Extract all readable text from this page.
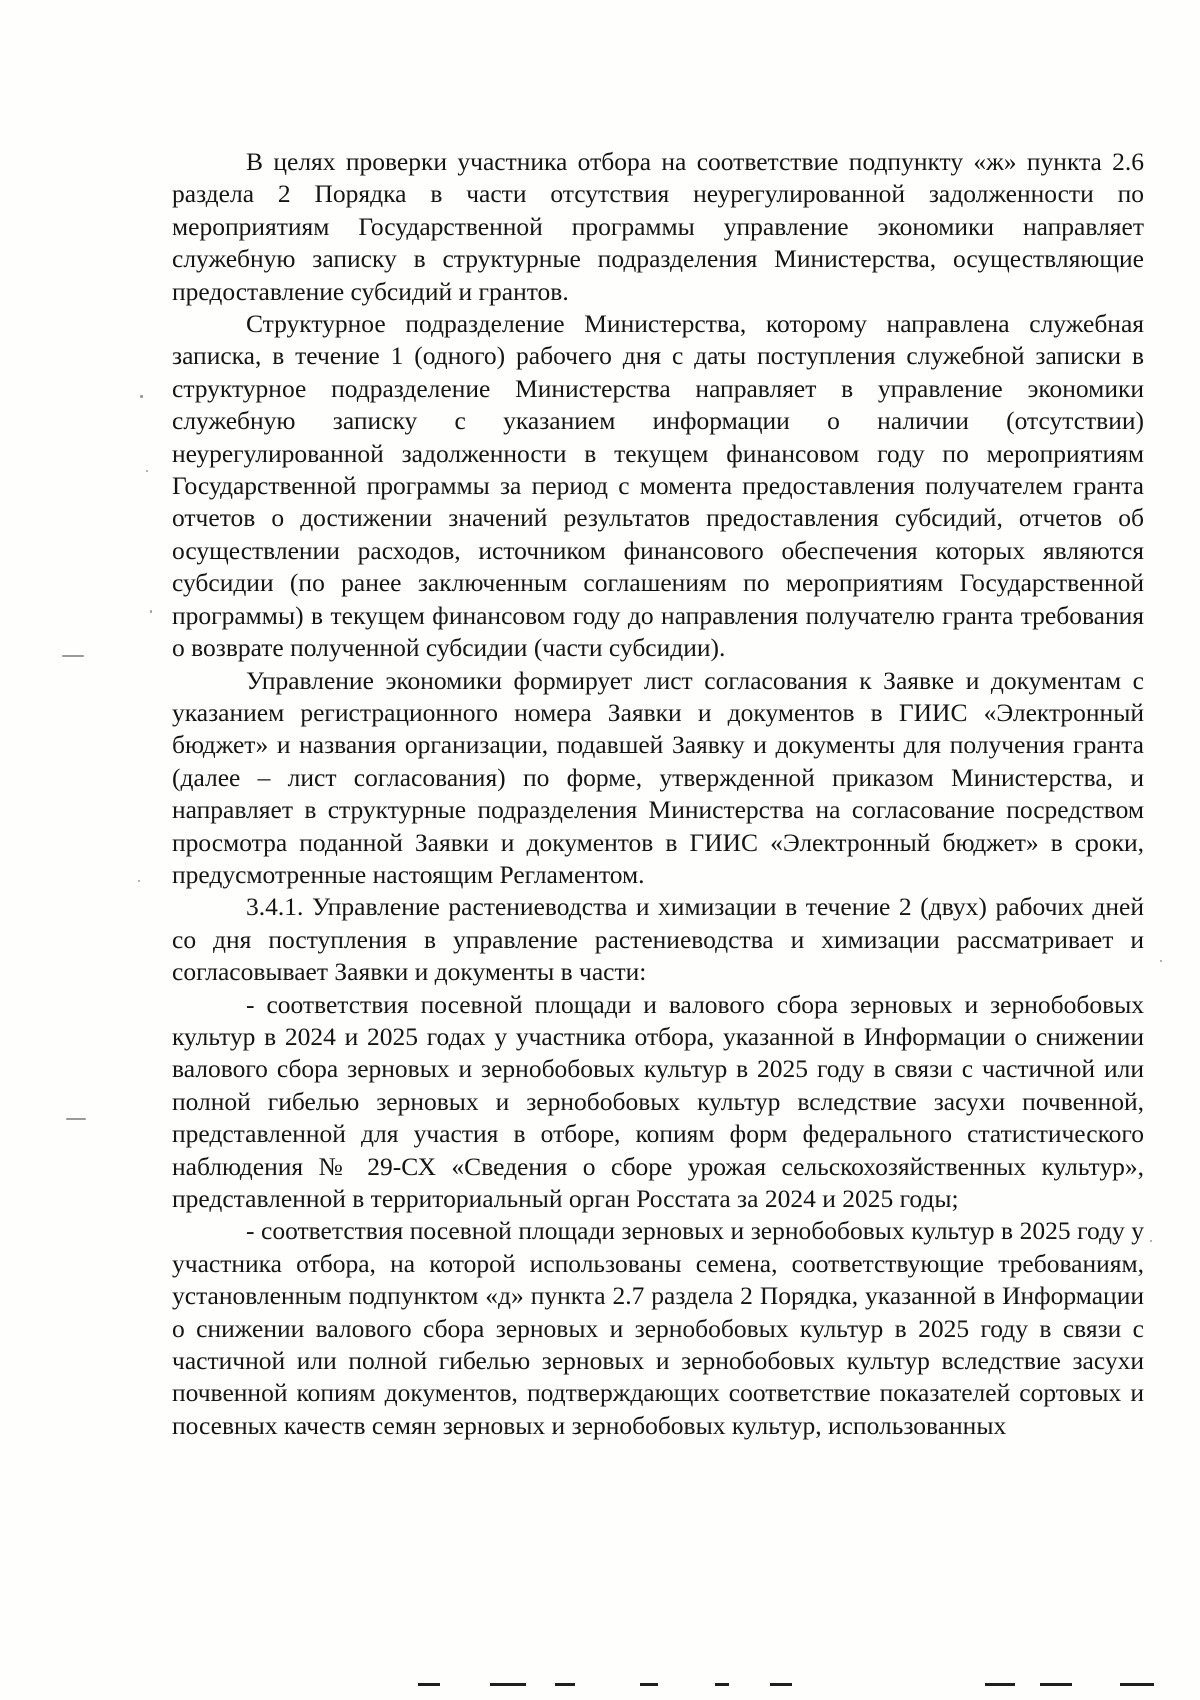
В целях проверки участника отбора на соответствие подпункту «ж» пункта 2.6 раздела 2 Порядка в части отсутствия неурегулированной задолженности по мероприятиям Государственной программы управление экономики направляет служебную записку в структурные подразделения Министерства, осуществляющие предоставление субсидий и грантов.

Структурное подразделение Министерства, которому направлена служебная записка, в течение 1 (одного) рабочего дня с даты поступления служебной записки в структурное подразделение Министерства направляет в управление экономики служебную записку с указанием информации о наличии (отсутствии) неурегулированной задолженности в текущем финансовом году по мероприятиям Государственной программы за период с момента предоставления получателем гранта отчетов о достижении значений результатов предоставления субсидий, отчетов об осуществлении расходов, источником финансового обеспечения которых являются субсидии (по ранее заключенным соглашениям по мероприятиям Государственной программы) в текущем финансовом году до направления получателю гранта требования о возврате полученной субсидии (части субсидии).

Управление экономики формирует лист согласования к Заявке и документам с указанием регистрационного номера Заявки и документов в ГИИС «Электронный бюджет» и названия организации, подавшей Заявку и документы для получения гранта (далее – лист согласования) по форме, утвержденной приказом Министерства, и направляет в структурные подразделения Министерства на согласование посредством просмотра поданной Заявки и документов в ГИИС «Электронный бюджет» в сроки, предусмотренные настоящим Регламентом.

3.4.1. Управление растениеводства и химизации в течение 2 (двух) рабочих дней со дня поступления в управление растениеводства и химизации рассматривает и согласовывает Заявки и документы в части:

- соответствия посевной площади и валового сбора зерновых и зернобобовых культур в 2024 и 2025 годах у участника отбора, указанной в Информации о снижении валового сбора зерновых и зернобобовых культур в 2025 году в связи с частичной или полной гибелью зерновых и зернобобовых культур вследствие засухи почвенной, представленной для участия в отборе, копиям форм федерального статистического наблюдения № 29-СХ «Сведения о сборе урожая сельскохозяйственных культур», представленной в территориальный орган Росстата за 2024 и 2025 годы;

- соответствия посевной площади зерновых и зернобобовых культур в 2025 году у участника отбора, на которой использованы семена, соответствующие требованиям, установленным подпунктом «д» пункта 2.7 раздела 2 Порядка, указанной в Информации о снижении валового сбора зерновых и зернобобовых культур в 2025 году в связи с частичной или полной гибелью зерновых и зернобобовых культур вследствие засухи почвенной копиям документов, подтверждающих соответствие показателей сортовых и посевных качеств семян зерновых и зернобобовых культур, использованных
